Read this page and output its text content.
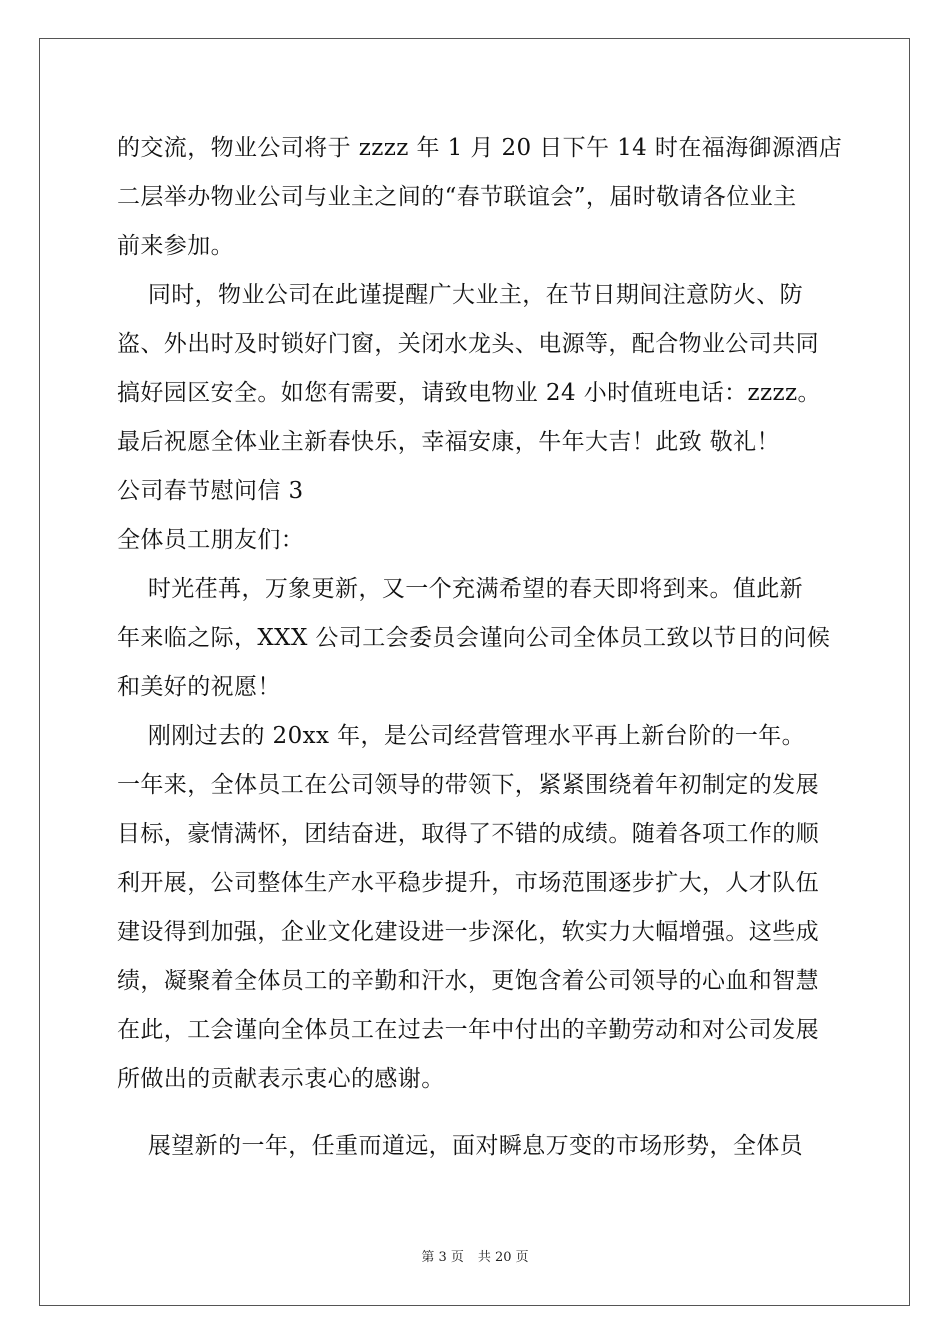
的交流，物业公司将于 zzzz 年 1 月 20 日下午 14 时在福海御源酒店
二层举办物业公司与业主之间的“春节联谊会”，届时敬请各位业主
前来参加。
同时，物业公司在此谨提醒广大业主，在节日期间注意防火、防
盗、外出时及时锁好门窗，关闭水龙头、电源等，配合物业公司共同
搞好园区安全。如您有需要，请致电物业 24 小时值班电话：zzzz。
最后祝愿全体业主新春快乐，幸福安康，牛年大吉！此致 敬礼！
公司春节慰问信 3
全体员工朋友们：
时光荏苒，万象更新，又一个充满希望的春天即将到来。值此新
年来临之际，XXX 公司工会委员会谨向公司全体员工致以节日的问候
和美好的祝愿！
刚刚过去的 20xx 年，是公司经营管理水平再上新台阶的一年。
一年来，全体员工在公司领导的带领下，紧紧围绕着年初制定的发展
目标，豪情满怀，团结奋进，取得了不错的成绩。随着各项工作的顺
利开展，公司整体生产水平稳步提升，市场范围逐步扩大，人才队伍
建设得到加强，企业文化建设进一步深化，软实力大幅增强。这些成
绩，凝聚着全体员工的辛勤和汗水，更饱含着公司领导的心血和智慧
在此，工会谨向全体员工在过去一年中付出的辛勤劳动和对公司发展
所做出的贡献表示衷心的感谢。
展望新的一年，任重而道远，面对瞬息万变的市场形势，全体员
第 3 页 共 20 页
